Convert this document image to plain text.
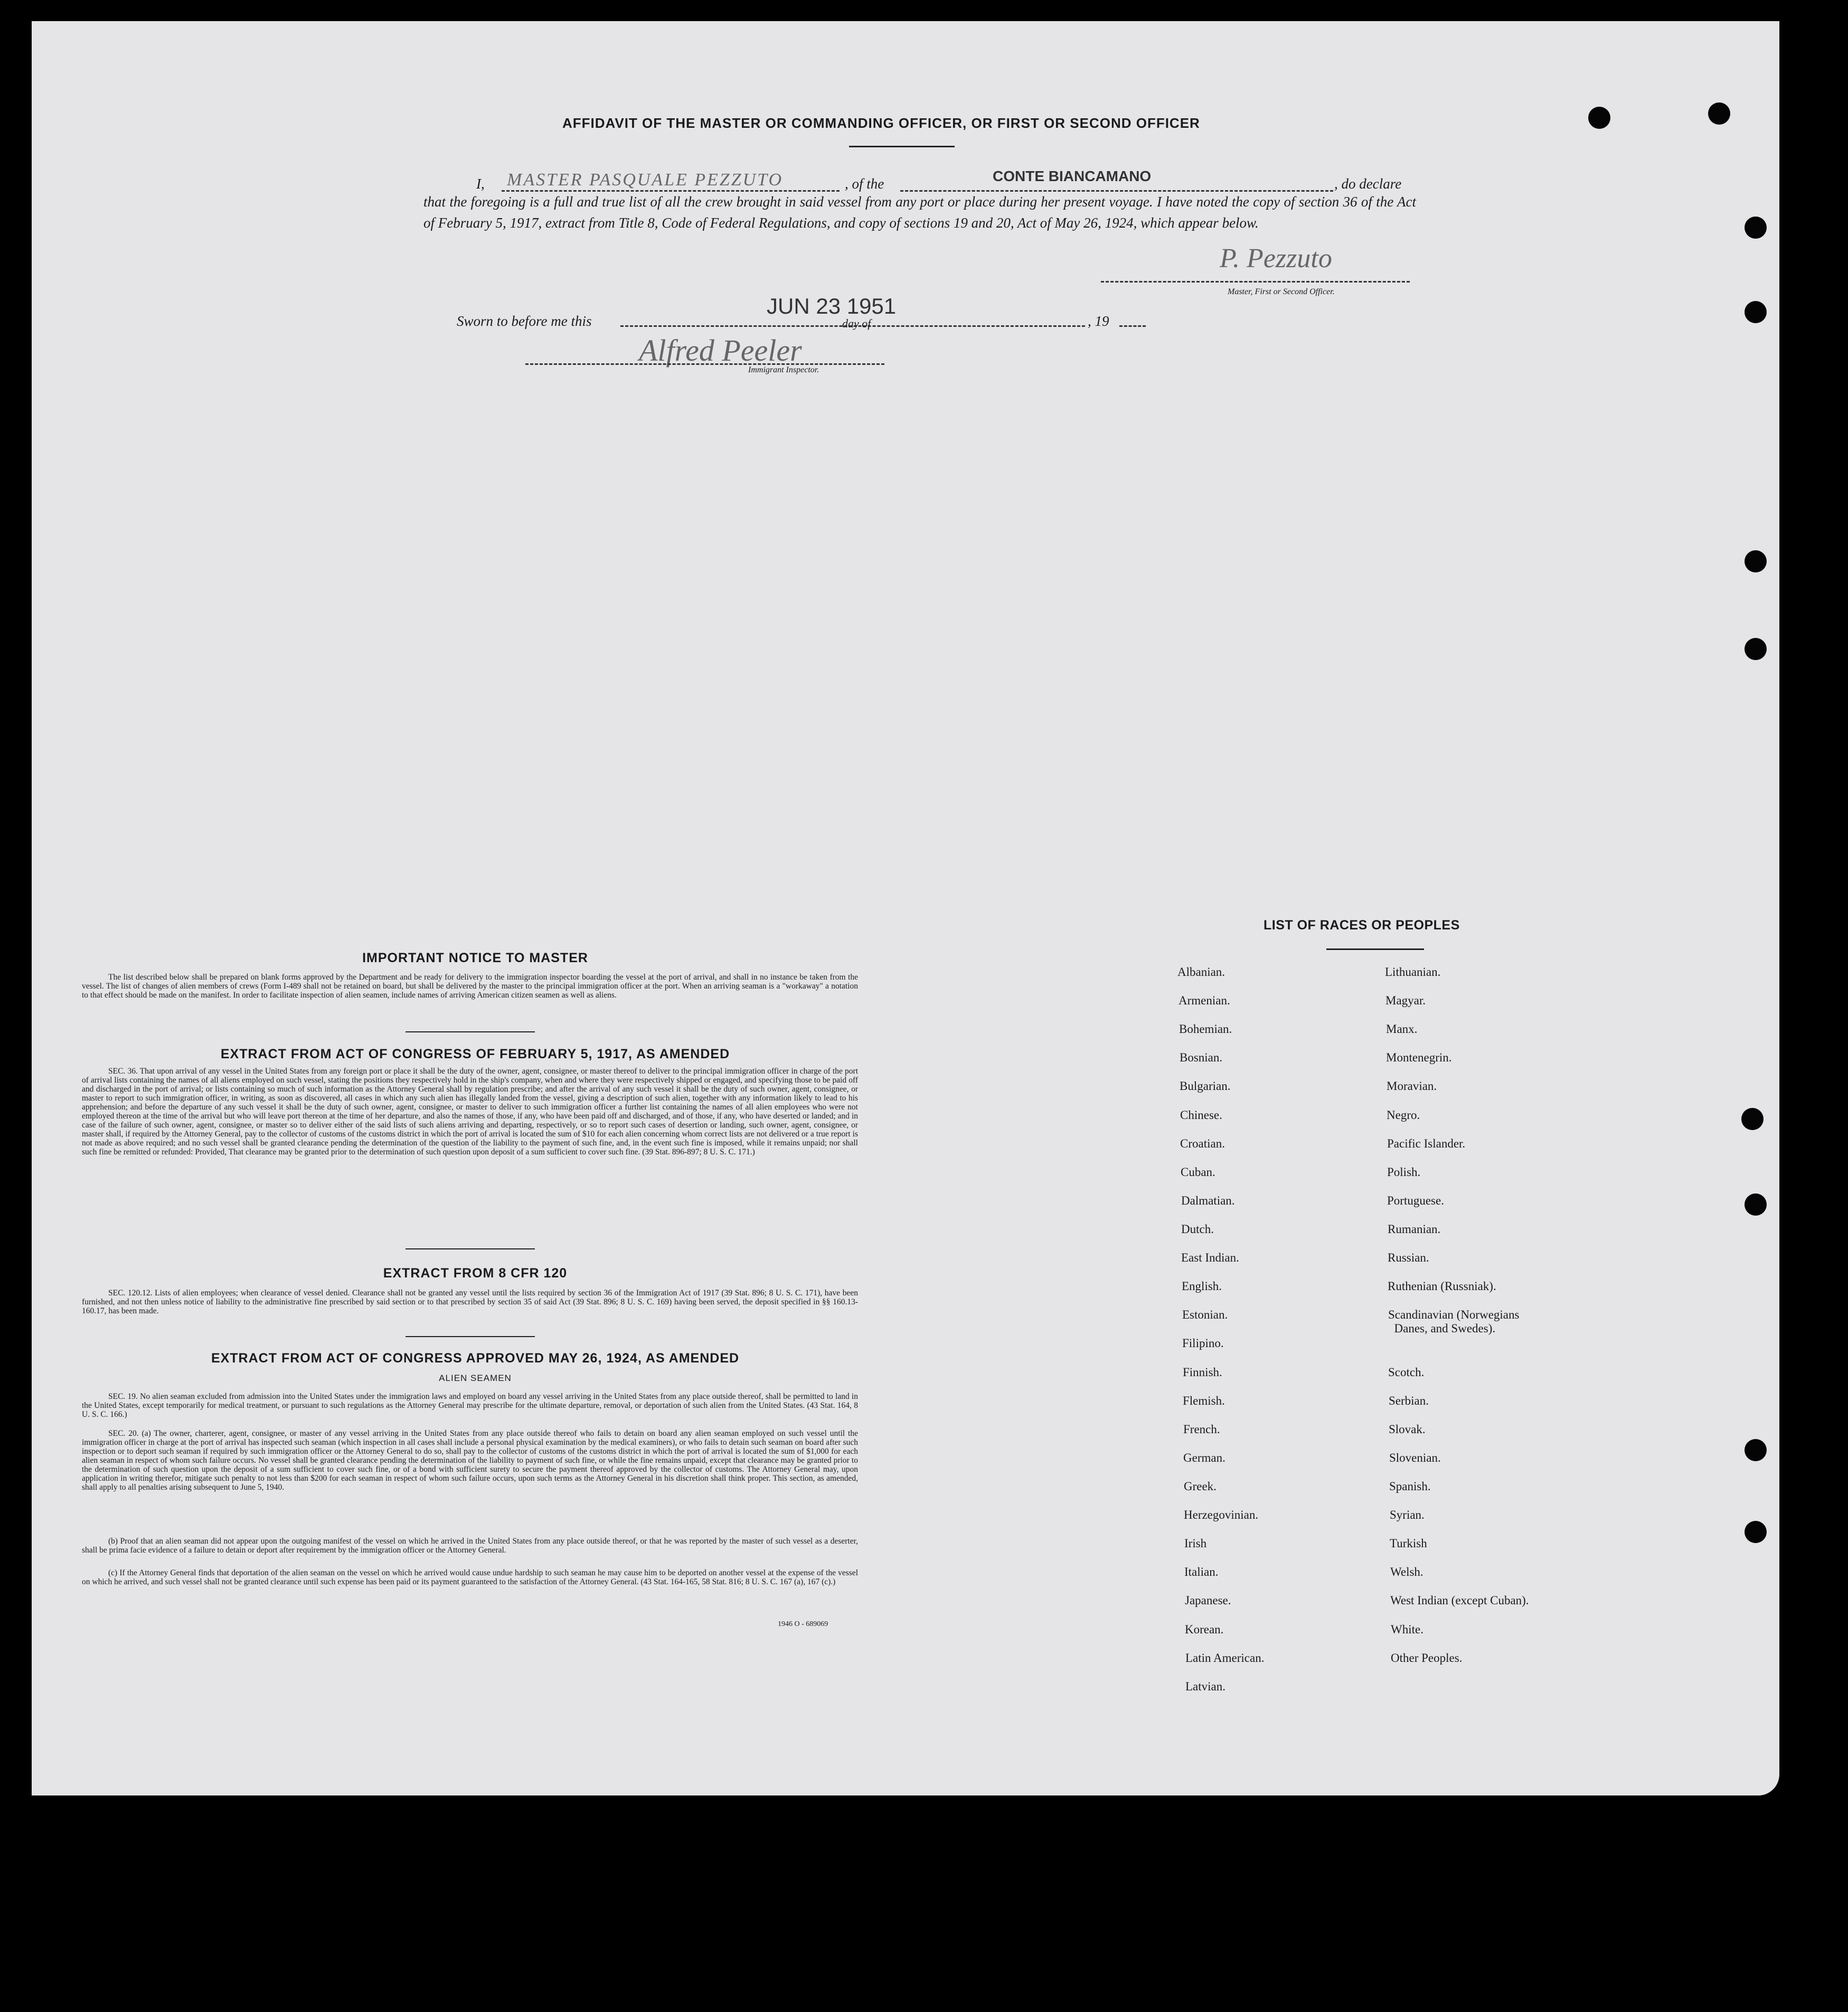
AFFIDAVIT OF THE MASTER OR COMMANDING OFFICER, OR FIRST OR SECOND OFFICER
I,	MASTER PASQUALE PEZZUTO	, of the	CONTE BIANCAMANO	, do declare
that the foregoing is a full and true list of all the crew brought in said vessel from any port or place during her present voyage. I have noted the copy of section 36 of the Act of February 5, 1917, extract from Title 8, Code of Federal Regulations, and copy of sections 19 and 20, Act of May 26, 1924, which appear below.
P. Pezzuto
Master, First or Second Officer.
Sworn to before me this
JUN 23 1951
day of	, 19
Alfred Peeler
Immigrant Inspector.
IMPORTANT NOTICE TO MASTER
The list described below shall be prepared on blank forms approved by the Department and be ready for delivery to the immigration inspector boarding the vessel at the port of arrival, and shall in no instance be taken from the vessel. The list of changes of alien members of crews (Form I-489 shall not be retained on board, but shall be delivered by the master to the principal immigration officer at the port. When an arriving seaman is a "workaway" a notation to that effect should be made on the manifest. In order to facilitate inspection of alien seamen, include names of arriving American citizen seamen as well as aliens.
EXTRACT FROM ACT OF CONGRESS OF FEBRUARY 5, 1917, AS AMENDED
SEC. 36. That upon arrival of any vessel in the United States from any foreign port or place it shall be the duty of the owner, agent, consignee, or master thereof to deliver to the principal immigration officer in charge of the port of arrival lists containing the names of all aliens employed on such vessel, stating the positions they respectively hold in the ship's company, when and where they were respectively shipped or engaged, and specifying those to be paid off and discharged in the port of arrival; or lists containing so much of such information as the Attorney General shall by regulation prescribe; and after the arrival of any such vessel it shall be the duty of such owner, agent, consignee, or master to report to such immigration officer, in writing, as soon as discovered, all cases in which any such alien has illegally landed from the vessel, giving a description of such alien, together with any information likely to lead to his apprehension; and before the departure of any such vessel it shall be the duty of such owner, agent, consignee, or master to deliver to such immigration officer a further list containing the names of all alien employees who were not employed thereon at the time of the arrival but who will leave port thereon at the time of her departure, and also the names of those, if any, who have been paid off and discharged, and of those, if any, who have deserted or landed; and in case of the failure of such owner, agent, consignee, or master so to deliver either of the said lists of such aliens arriving and departing, respectively, or so to report such cases of desertion or landing, such owner, agent, consignee, or master shall, if required by the Attorney General, pay to the collector of customs of the customs district in which the port of arrival is located the sum of $10 for each alien concerning whom correct lists are not delivered or a true report is not made as above required; and no such vessel shall be granted clearance pending the determination of the question of the liability to the payment of such fine, and, in the event such fine is imposed, while it remains unpaid; nor shall such fine be remitted or refunded: Provided, That clearance may be granted prior to the determination of such question upon deposit of a sum sufficient to cover such fine. (39 Stat. 896-897; 8 U. S. C. 171.)
EXTRACT FROM 8 CFR 120
SEC. 120.12. Lists of alien employees; when clearance of vessel denied. Clearance shall not be granted any vessel until the lists required by section 36 of the Immigration Act of 1917 (39 Stat. 896; 8 U. S. C. 171), have been furnished, and not then unless notice of liability to the administrative fine prescribed by said section or to that prescribed by section 35 of said Act (39 Stat. 896; 8 U. S. C. 169) having been served, the deposit specified in §§ 160.13-160.17, has been made.
EXTRACT FROM ACT OF CONGRESS APPROVED MAY 26, 1924, AS AMENDED
ALIEN SEAMEN
SEC. 19. No alien seaman excluded from admission into the United States under the immigration laws and employed on board any vessel arriving in the United States from any place outside thereof, shall be permitted to land in the United States, except temporarily for medical treatment, or pursuant to such regulations as the Attorney General may prescribe for the ultimate departure, removal, or deportation of such alien from the United States. (43 Stat. 164, 8 U. S. C. 166.)
SEC. 20. (a) The owner, charterer, agent, consignee, or master of any vessel arriving in the United States from any place outside thereof who fails to detain on board any alien seaman employed on such vessel until the immigration officer in charge at the port of arrival has inspected such seaman (which inspection in all cases shall include a personal physical examination by the medical examiners), or who fails to detain such seaman on board after such inspection or to deport such seaman if required by such immigration officer or the Attorney General to do so, shall pay to the collector of customs of the customs district in which the port of arrival is located the sum of $1,000 for each alien seaman in respect of whom such failure occurs. No vessel shall be granted clearance pending the determination of the liability to payment of such fine, or while the fine remains unpaid, except that clearance may be granted prior to the determination of such question upon the deposit of a sum sufficient to cover such fine, or of a bond with sufficient surety to secure the payment thereof approved by the collector of customs. The Attorney General may, upon application in writing therefor, mitigate such penalty to not less than $200 for each seaman in respect of whom such failure occurs, upon such terms as the Attorney General in his discretion shall think proper. This section, as amended, shall apply to all penalties arising subsequent to June 5, 1940.
(b) Proof that an alien seaman did not appear upon the outgoing manifest of the vessel on which he arrived in the United States from any place outside thereof, or that he was reported by the master of such vessel as a deserter, shall be prima facie evidence of a failure to detain or deport after requirement by the immigration officer or the Attorney General.
(c) If the Attorney General finds that deportation of the alien seaman on the vessel on which he arrived would cause undue hardship to such seaman he may cause him to be deported on another vessel at the expense of the vessel on which he arrived, and such vessel shall not be granted clearance until such expense has been paid or its payment guaranteed to the satisfaction of the Attorney General. (43 Stat. 164-165, 58 Stat. 816; 8 U. S. C. 167 (a), 167 (c).)
1946 O - 689069
LIST OF RACES OR PEOPLES
Albanian.
Armenian.
Bohemian.
Bosnian.
Bulgarian.
Chinese.
Croatian.
Cuban.
Dalmatian.
Dutch.
East Indian.
English.
Estonian.
Filipino.
Finnish.
Flemish.
French.
German.
Greek.
Herzegovinian.
Irish
Italian.
Japanese.
Korean.
Latin American.
Latvian.
Lithuanian.
Magyar.
Manx.
Montenegrin.
Moravian.
Negro.
Pacific Islander.
Polish.
Portuguese.
Rumanian.
Russian.
Ruthenian (Russniak).
Scandinavian (Norwegians
Danes, and Swedes).
Scotch.
Serbian.
Slovak.
Slovenian.
Spanish.
Syrian.
Turkish
Welsh.
West Indian (except Cuban).
White.
Other Peoples.
